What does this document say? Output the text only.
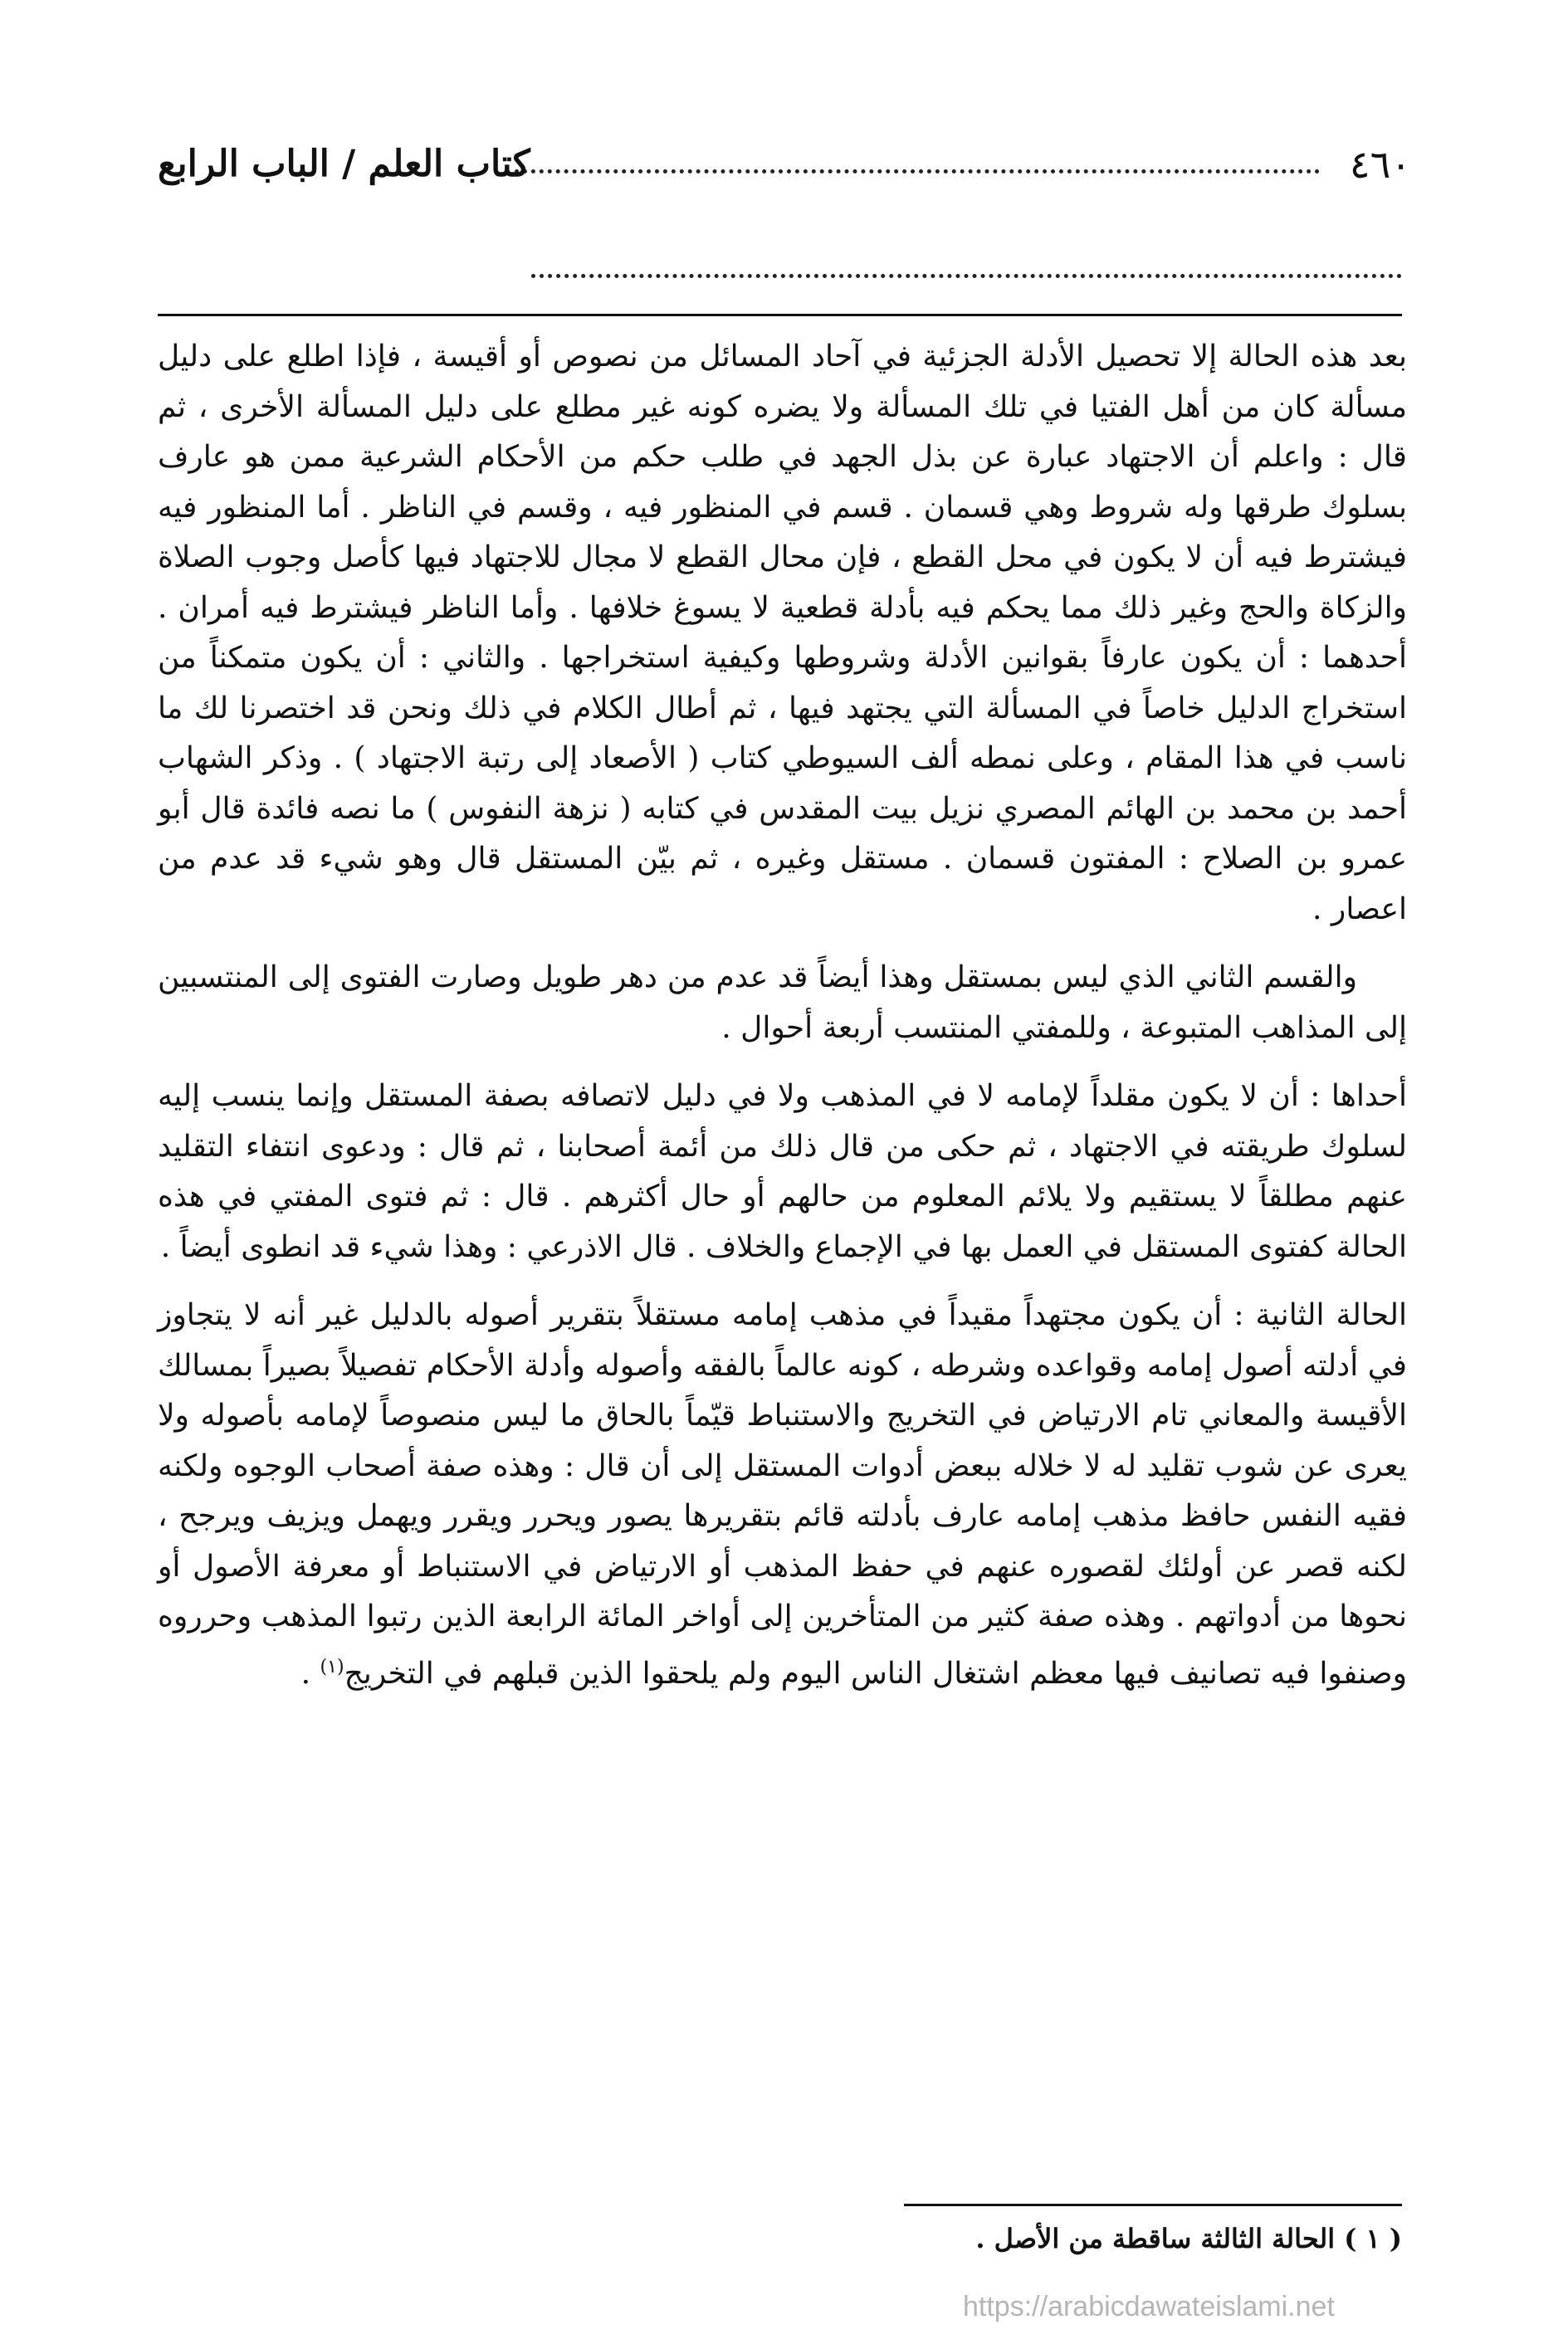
٤٦٠
كتاب العلم / الباب الرابع

بعد هذه الحالة إلا تحصيل الأدلة الجزئية في آحاد المسائل من نصوص أو أقيسة ، فإذا اطلع على دليل مسألة كان من أهل الفتيا في تلك المسألة ولا يضره كونه غير مطلع على دليل المسألة الأخرى ، ثم قال : واعلم أن الاجتهاد عبارة عن بذل الجهد في طلب حكم من الأحكام الشرعية ممن هو عارف بسلوك طرقها وله شروط وهي قسمان . قسم في المنظور فيه ، وقسم في الناظر . أما المنظور فيه فيشترط فيه أن لا يكون في محل القطع ، فإن محال القطع لا مجال للاجتهاد فيها كأصل وجوب الصلاة والزكاة والحج وغير ذلك مما يحكم فيه بأدلة قطعية لا يسوغ خلافها . وأما الناظر فيشترط فيه أمران . أحدهما : أن يكون عارفاً بقوانين الأدلة وشروطها وكيفية استخراجها . والثاني : أن يكون متمكناً من استخراج الدليل خاصاً في المسألة التي يجتهد فيها ، ثم أطال الكلام في ذلك ونحن قد اختصرنا لك ما ناسب في هذا المقام ، وعلى نمطه ألف السيوطي كتاب ( الأصعاد إلى رتبة الاجتهاد ) . وذكر الشهاب أحمد بن محمد بن الهائم المصري نزيل بيت المقدس في كتابه ( نزهة النفوس ) ما نصه فائدة قال أبو عمرو بن الصلاح : المفتون قسمان . مستقل وغيره ، ثم بيّن المستقل قال وهو شيء قد عدم من اعصار .

والقسم الثاني الذي ليس بمستقل وهذا أيضاً قد عدم من دهر طويل وصارت الفتوى إلى المنتسبين إلى المذاهب المتبوعة ، وللمفتي المنتسب أربعة أحوال .

أحداها : أن لا يكون مقلداً لإمامه لا في المذهب ولا في دليل لاتصافه بصفة المستقل وإنما ينسب إليه لسلوك طريقته في الاجتهاد ، ثم حكى من قال ذلك من أئمة أصحابنا ، ثم قال : ودعوى انتفاء التقليد عنهم مطلقاً لا يستقيم ولا يلائم المعلوم من حالهم أو حال أكثرهم . قال : ثم فتوى المفتي في هذه الحالة كفتوى المستقل في العمل بها في الإجماع والخلاف . قال الاذرعي : وهذا شيء قد انطوى أيضاً .

الحالة الثانية : أن يكون مجتهداً مقيداً في مذهب إمامه مستقلاً بتقرير أصوله بالدليل غير أنه لا يتجاوز في أدلته أصول إمامه وقواعده وشرطه ، كونه عالماً بالفقه وأصوله وأدلة الأحكام تفصيلاً بصيراً بمسالك الأقيسة والمعاني تام الارتياض في التخريج والاستنباط قيّماً بالحاق ما ليس منصوصاً لإمامه بأصوله ولا يعرى عن شوب تقليد له لا خلاله ببعض أدوات المستقل إلى أن قال : وهذه صفة أصحاب الوجوه ولكنه فقيه النفس حافظ مذهب إمامه عارف بأدلته قائم بتقريرها يصور ويحرر ويقرر ويهمل ويزيف ويرجح ، لكنه قصر عن أولئك لقصوره عنهم في حفظ المذهب أو الارتياض في الاستنباط أو معرفة الأصول أو نحوها من أدواتهم . وهذه صفة كثير من المتأخرين إلى أواخر المائة الرابعة الذين رتبوا المذهب وحرروه وصنفوا فيه تصانيف فيها معظم اشتغال الناس اليوم ولم يلحقوا الذين قبلهم في التخريج$^{(١)}$ .

( ١ ) الحالة الثالثة ساقطة من الأصل .
https://arabicdawateislami.net
